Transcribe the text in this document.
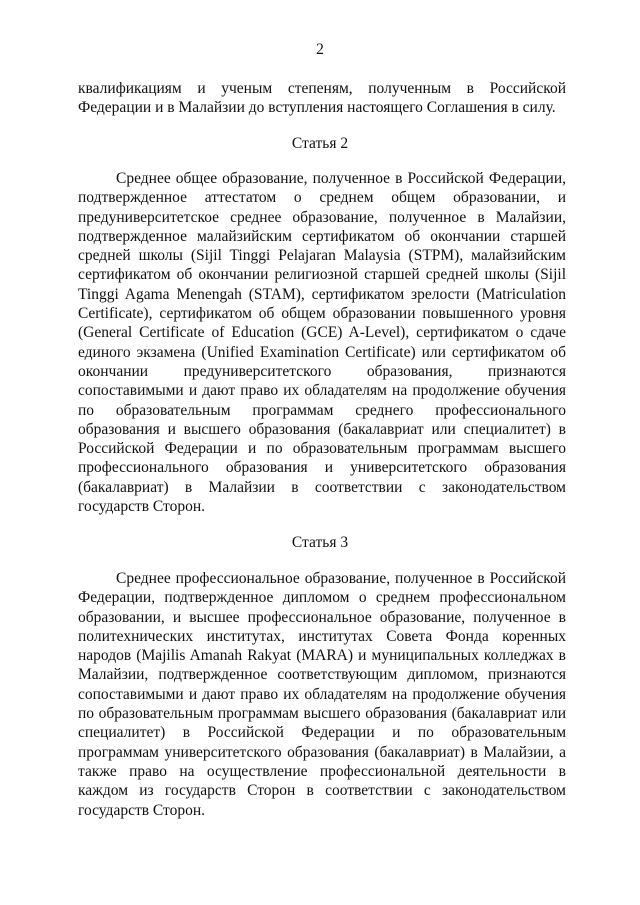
2

квалификациям и ученым степеням, полученным в Российской Федерации и в Малайзии до вступления настоящего Соглашения в силу.

Статья 2

Среднее общее образование, полученное в Российской Федерации, подтвержденное аттестатом о среднем общем образовании, и предуниверситетское среднее образование, полученное в Малайзии, подтвержденное малайзийским сертификатом об окончании старшей средней школы (Sijil Tinggi Pelajaran Malaysia (STPM), малайзийским сертификатом об окончании религиозной старшей средней школы (Sijil Tinggi Agama Menengah (STAM), сертификатом зрелости (Matriculation Certificate), сертификатом об общем образовании повышенного уровня (General Certificate of Education (GCE) A-Level), сертификатом о сдаче единого экзамена (Unified Examination Certificate) или сертификатом об окончании предуниверситетского образования, признаются сопоставимыми и дают право их обладателям на продолжение обучения по образовательным программам среднего профессионального образования и высшего образования (бакалавриат или специалитет) в Российской Федерации и по образовательным программам высшего профессионального образования и университетского образования (бакалавриат) в Малайзии в соответствии с законодательством государств Сторон.

Статья 3

Среднее профессиональное образование, полученное в Российской Федерации, подтвержденное дипломом о среднем профессиональном образовании, и высшее профессиональное образование, полученное в политехнических институтах, институтах Совета Фонда коренных народов (Majilis Amanah Rakyat (MARA) и муниципальных колледжах в Малайзии, подтвержденное соответствующим дипломом, признаются сопоставимыми и дают право их обладателям на продолжение обучения по образовательным программам высшего образования (бакалавриат или специалитет) в Российской Федерации и по образовательным программам университетского образования (бакалавриат) в Малайзии, а также право на осуществление профессиональной деятельности в каждом из государств Сторон в соответствии с законодательством государств Сторон.
